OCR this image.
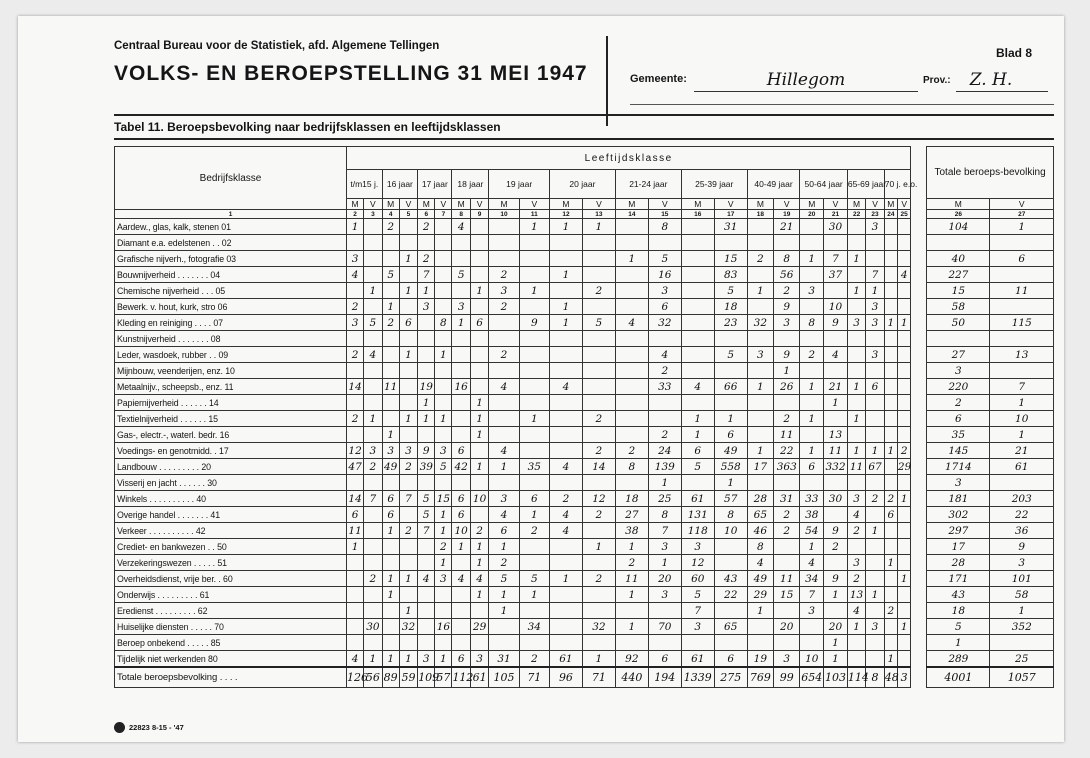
Centraal Bureau voor de Statistiek, afd. Algemene Tellingen
VOLKS- EN BEROEPSTELLING 31 MEI 1947
Blad 8
Gemeente:	Hillegom	Prov.:	Z. H.
Tabel 11. Beroepsbevolking naar bedrijfsklassen en leeftijdsklassen
Bedrijfsklasse	Leeftijdsklasse																									Totale beroeps-bevolking	
	t/m15 j.		16 jaar		17 jaar		18 jaar		19 jaar		20 jaar		21-24 jaar		25-39 jaar		40-49 jaar		50-64 jaar		65-69 jaar		70 j. e.o.				
	M	V	M	V	M	V	M	V	M	V	M	V	M	V	M	V	M	V	M	V	M	V	M	V		M	V
1	2	3	4	5	6	7	8	9	10	11	12	13	14	15	16	17	18	19	20	21	22	23	24	25		26	27
Aardew., glas, kalk, stenen 01	1		2		2		4			1	1	1		8		31		21		30		3				104	1
Diamant e.a. edelstenen . . 02																											
Grafische nijverh., fotografie 03	3			1	2								1	5		15	2	8	1	7	1					40	6
Bouwnijverheid . . . . . . . 04	4		5		7		5		2		1			16		83		56		37		7		4		227	
Chemische nijverheid . . . 05		1		1	1			1	3	1		2		3		5	1	2	3		1	1				15	11
Bewerk. v. hout, kurk, stro 06	2		1		3		3		2		1			6		18		9		10		3				58	
Kleding en reiniging . . . . 07	3	5	2	6		8	1	6		9	1	5	4	32		23	32	3	8	9	3	3	1	1		50	115
Kunstnijverheid . . . . . . . 08																											
Leder, wasdoek, rubber . . 09	2	4		1		1			2					4		5	3	9	2	4		3				27	13
Mijnbouw, veenderijen, enz. 10														2				1								3	
Metaalnijv., scheepsb., enz. 11	14		11		19		16		4		4			33	4	66	1	26	1	21	1	6				220	7
Papiernijverheid . . . . . . 14					1			1												1						2	1
Textielnijverheid . . . . . . 15	2	1		1	1	1		1		1		2			1	1		2	1		1					6	10
Gas-, electr.-, waterl. bedr. 16			1					1						2	1	6		11		13						35	1
Voedings- en genotmidd. . 17	12	3	3	3	9	3	6		4			2	2	24	6	49	1	22	1	11	1	1	1	2		145	21
Landbouw . . . . . . . . . 20	47	2	49	2	39	5	42	1	1	35	4	14	8	139	5	558	17	363	6	332	11	67		29		1714	61
Visserij en jacht . . . . . . 30														1		1										3	
Winkels . . . . . . . . . . 40	14	7	6	7	5	15	6	10	3	6	2	12	18	25	61	57	28	31	33	30	3	2	2	1		181	203
Overige handel . . . . . . . 41	6		6		5	1	6		4	1	4	2	27	8	131	8	65	2	38		4		6			302	22
Verkeer . . . . . . . . . . 42	11		1	2	7	1	10	2	6	2	4		38	7	118	10	46	2	54	9	2	1				297	36
Crediet- en bankwezen . . 50	1					2	1	1	1			1	1	3	3		8		1	2						17	9
Verzekeringswezen . . . . . 51						1		1	2				2	1	12		4		4		3		1			28	3
Overheidsdienst, vrije ber. . 60		2	1	1	4	3	4	4	5	5	1	2	11	20	60	43	49	11	34	9	2			1		171	101
Onderwijs . . . . . . . . . 61			1					1	1	1			1	3	5	22	29	15	7	1	13	1				43	58
Eredienst . . . . . . . . . 62				1					1						7		1		3		4		2			18	1
Huiselijke diensten . . . . . 70		30		32		16		29		34		32	1	70	3	65		20		20	1	3		1		5	352
Beroep onbekend . . . . . 85																				1						1	
Tijdelijk niet werkenden 80	4	1	1	1	3	1	6	3	31	2	61	1	92	6	61	6	19	3	10	1			1			289	25
Totale beroepsbevolking . . . .	126	56	89	59	109	57	112	61	105	71	96	71	440	194	1339	275	769	99	654	103	114	8	48	3		4001	1057
22823 8-15 - '47
